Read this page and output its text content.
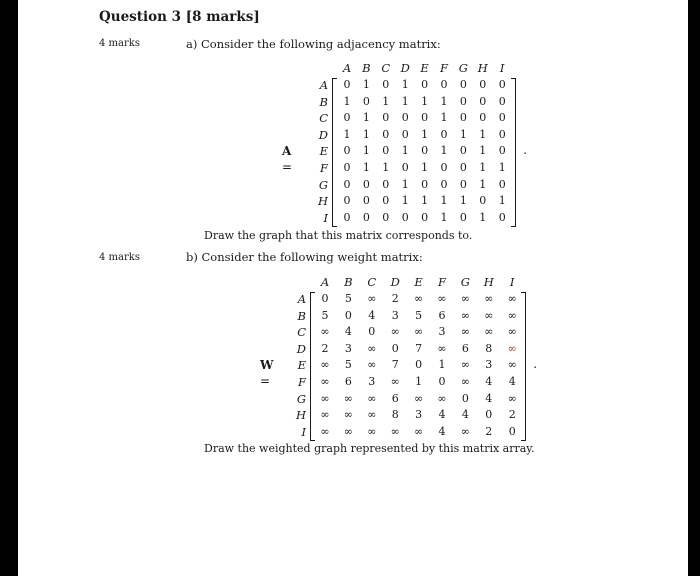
Question 3 [8 marks]
4 marks	a) Consider the following adjacency matrix:
A B C D E F G H	I
A	0	1	0	1	0	0	0	0	0
B	1	0	1	1	1	1	0	0	0
C	0	1	0	0	0	1	0	0	0
D	1	1	0	0	1	0	1	1	0
E	0	1	0	1	0	1	0	1	0
F	0	1	1	0	1	0	0	1	1
G	0	0	0	1	0	0	0	1	0
H	0	0	0	1	1	1	1	0	1
I	0	0	0	0	0	1	0	1	0
A =
.
Draw the graph that this matrix corresponds to.
4 marks	b) Consider the following weight matrix:
A B C D E F G H	I
A	0	5	∞	2	∞ ∞ ∞ ∞ ∞
B	5	0	4	3	5	6	∞ ∞ ∞
C ∞	4	0	∞ ∞	3	∞ ∞ ∞
D	2	3	∞	0	7	∞	6	8	∞
E ∞	5	∞	7	0	1	∞	3	∞
F ∞	6	3	∞	1	0	∞	4	4
G ∞ ∞ ∞	6	∞ ∞	0	4	∞
H ∞ ∞ ∞	8	3	4	4	0	2
I ∞ ∞ ∞ ∞ ∞	4	∞	2	0
W =
.
Draw the weighted graph represented by this matrix array.
